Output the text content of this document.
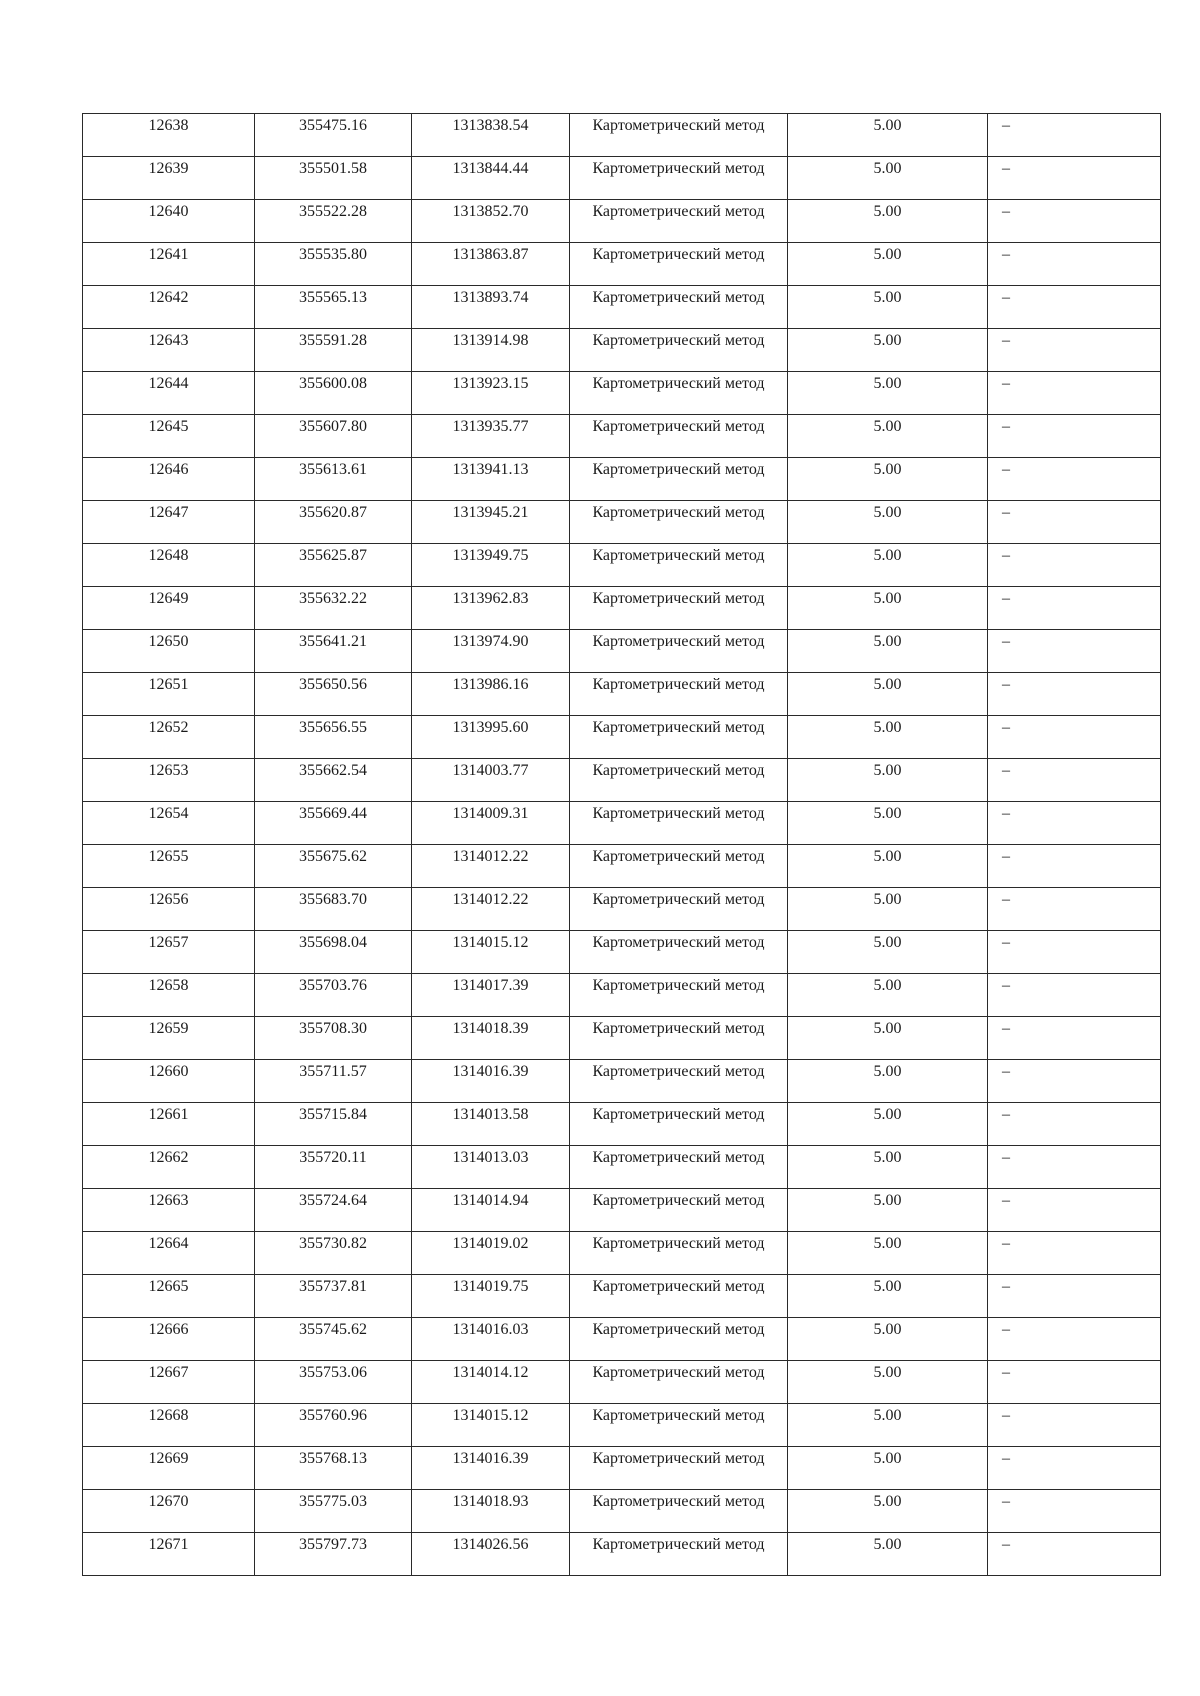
12638	355475.16	1313838.54	Картометрический метод	5.00	–

12639	355501.58	1313844.44	Картометрический метод	5.00	–

12640	355522.28	1313852.70	Картометрический метод	5.00	–

12641	355535.80	1313863.87	Картометрический метод	5.00	–

12642	355565.13	1313893.74	Картометрический метод	5.00	–

12643	355591.28	1313914.98	Картометрический метод	5.00	–

12644	355600.08	1313923.15	Картометрический метод	5.00	–

12645	355607.80	1313935.77	Картометрический метод	5.00	–

12646	355613.61	1313941.13	Картометрический метод	5.00	–

12647	355620.87	1313945.21	Картометрический метод	5.00	–

12648	355625.87	1313949.75	Картометрический метод	5.00	–

12649	355632.22	1313962.83	Картометрический метод	5.00	–

12650	355641.21	1313974.90	Картометрический метод	5.00	–

12651	355650.56	1313986.16	Картометрический метод	5.00	–

12652	355656.55	1313995.60	Картометрический метод	5.00	–

12653	355662.54	1314003.77	Картометрический метод	5.00	–

12654	355669.44	1314009.31	Картометрический метод	5.00	–

12655	355675.62	1314012.22	Картометрический метод	5.00	–

12656	355683.70	1314012.22	Картометрический метод	5.00	–

12657	355698.04	1314015.12	Картометрический метод	5.00	–

12658	355703.76	1314017.39	Картометрический метод	5.00	–

12659	355708.30	1314018.39	Картометрический метод	5.00	–

12660	355711.57	1314016.39	Картометрический метод	5.00	–

12661	355715.84	1314013.58	Картометрический метод	5.00	–

12662	355720.11	1314013.03	Картометрический метод	5.00	–

12663	355724.64	1314014.94	Картометрический метод	5.00	–

12664	355730.82	1314019.02	Картометрический метод	5.00	–

12665	355737.81	1314019.75	Картометрический метод	5.00	–

12666	355745.62	1314016.03	Картометрический метод	5.00	–

12667	355753.06	1314014.12	Картометрический метод	5.00	–

12668	355760.96	1314015.12	Картометрический метод	5.00	–

12669	355768.13	1314016.39	Картометрический метод	5.00	–

12670	355775.03	1314018.93	Картометрический метод	5.00	–

12671	355797.73	1314026.56	Картометрический метод	5.00	–
